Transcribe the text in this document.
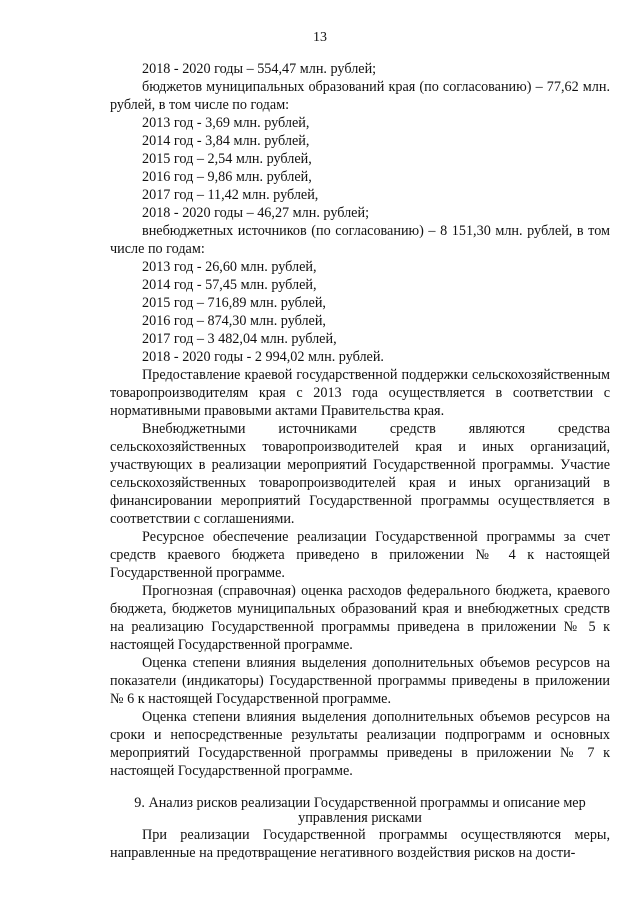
13

2018 - 2020 годы – 554,47 млн. рублей;

бюджетов муниципальных образований края (по согласованию) – 77,62 млн. рублей, в том числе по годам:

2013 год - 3,69 млн. рублей,

2014 год - 3,84 млн. рублей,

2015 год – 2,54 млн. рублей,

2016 год – 9,86 млн. рублей,

2017 год – 11,42 млн. рублей,

2018 - 2020 годы – 46,27 млн. рублей;

внебюджетных источников (по согласованию) – 8 151,30 млн. рублей, в том числе по годам:

2013 год - 26,60 млн. рублей,

2014 год - 57,45 млн. рублей,

2015 год – 716,89 млн. рублей,

2016 год – 874,30 млн. рублей,

2017 год – 3 482,04 млн. рублей,

2018 - 2020 годы - 2 994,02 млн. рублей.

Предоставление краевой государственной поддержки сельскохозяйственным товаропроизводителям края с 2013 года осуществляется в соответствии с нормативными правовыми актами Правительства края.

Внебюджетными источниками средств являются средства сельскохозяйственных товаропроизводителей края и иных организаций, участвующих в реализации мероприятий Государственной программы. Участие сельскохозяйственных товаропроизводителей края и иных организаций в финансировании мероприятий Государственной программы осуществляется в соответствии с соглашениями.

Ресурсное обеспечение реализации Государственной программы за счет средств краевого бюджета приведено в приложении № 4 к настоящей Государственной программе.

Прогнозная (справочная) оценка расходов федерального бюджета, краевого бюджета, бюджетов муниципальных образований края и внебюджетных средств на реализацию Государственной программы приведена в приложении № 5 к настоящей Государственной программе.

Оценка степени влияния выделения дополнительных объемов ресурсов на показатели (индикаторы) Государственной программы приведены в приложении № 6 к настоящей Государственной программе.

Оценка степени влияния выделения дополнительных объемов ресурсов на сроки и непосредственные результаты реализации подпрограмм и основных мероприятий Государственной программы приведены в приложении № 7 к настоящей Государственной программе.

9. Анализ рисков реализации Государственной программы и описание мер управления рисками

При реализации Государственной программы осуществляются меры, направленные на предотвращение негативного воздействия рисков на дости-
